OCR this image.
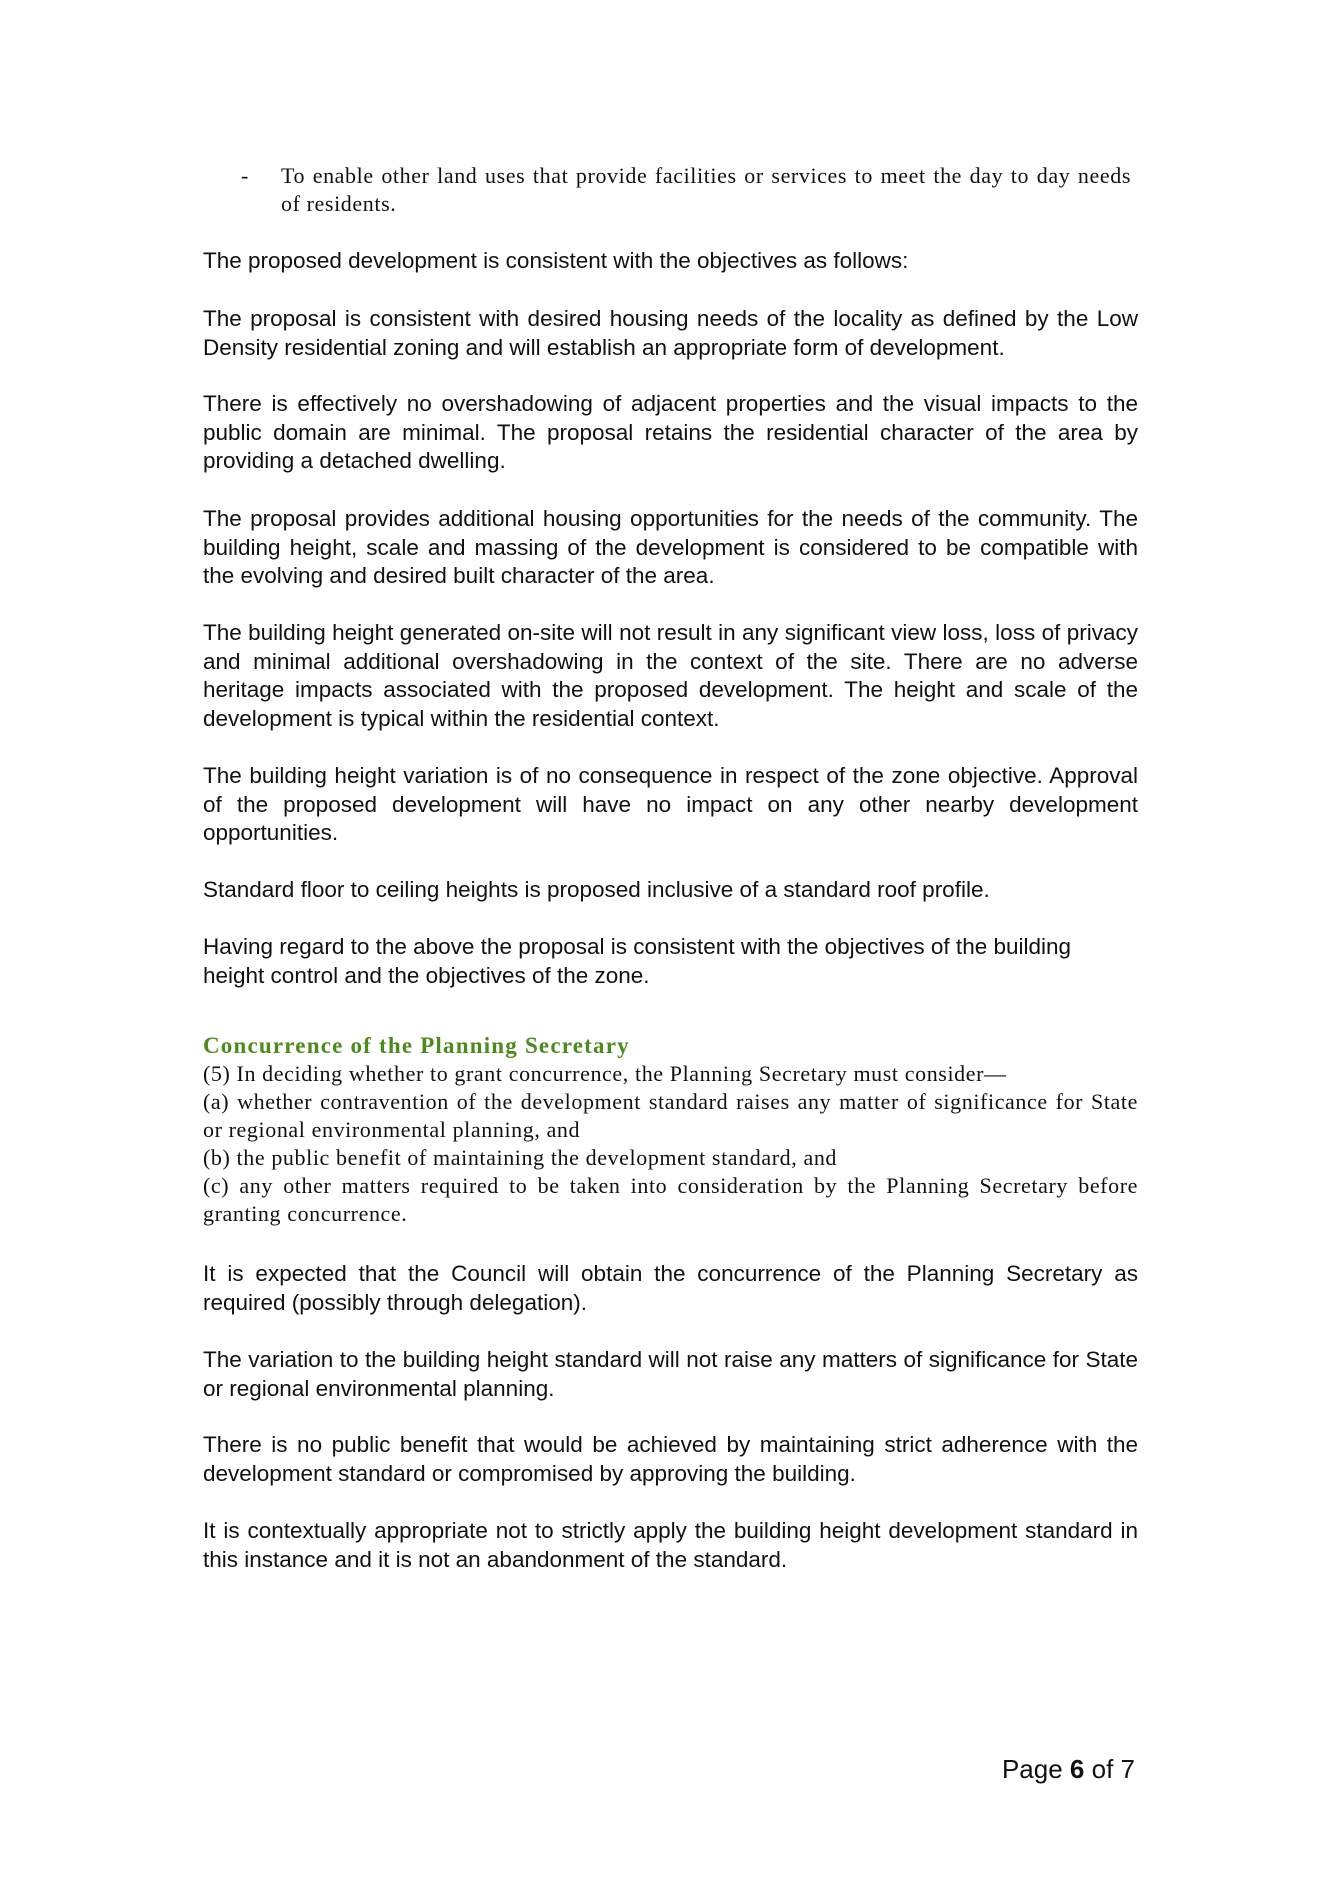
-	To enable other land uses that provide facilities or services to meet the day to day needs of residents.

The proposed development is consistent with the objectives as follows:

The proposal is consistent with desired housing needs of the locality as defined by the Low Density residential zoning and will establish an appropriate form of development.

There is effectively no overshadowing of adjacent properties and the visual impacts to the public domain are minimal. The proposal retains the residential character of the area by providing a detached dwelling.

The proposal provides additional housing opportunities for the needs of the community. The building height, scale and massing of the development is considered to be compatible with the evolving and desired built character of the area.

The building height generated on-site will not result in any significant view loss, loss of privacy and minimal additional overshadowing in the context of the site. There are no adverse heritage impacts associated with the proposed development. The height and scale of the development is typical within the residential context.

The building height variation is of no consequence in respect of the zone objective. Approval of the proposed development will have no impact on any other nearby development opportunities.

Standard floor to ceiling heights is proposed inclusive of a standard roof profile.

Having regard to the above the proposal is consistent with the objectives of the building height control and the objectives of the zone.

Concurrence of the Planning Secretary
(5) In deciding whether to grant concurrence, the Planning Secretary must consider—
(a) whether contravention of the development standard raises any matter of significance for State or regional environmental planning, and
(b) the public benefit of maintaining the development standard, and
(c) any other matters required to be taken into consideration by the Planning Secretary before granting concurrence.

It is expected that the Council will obtain the concurrence of the Planning Secretary as required (possibly through delegation).

The variation to the building height standard will not raise any matters of significance for State or regional environmental planning.

There is no public benefit that would be achieved by maintaining strict adherence with the development standard or compromised by approving the building.

It is contextually appropriate not to strictly apply the building height development standard in this instance and it is not an abandonment of the standard.

Page 6 of 7
